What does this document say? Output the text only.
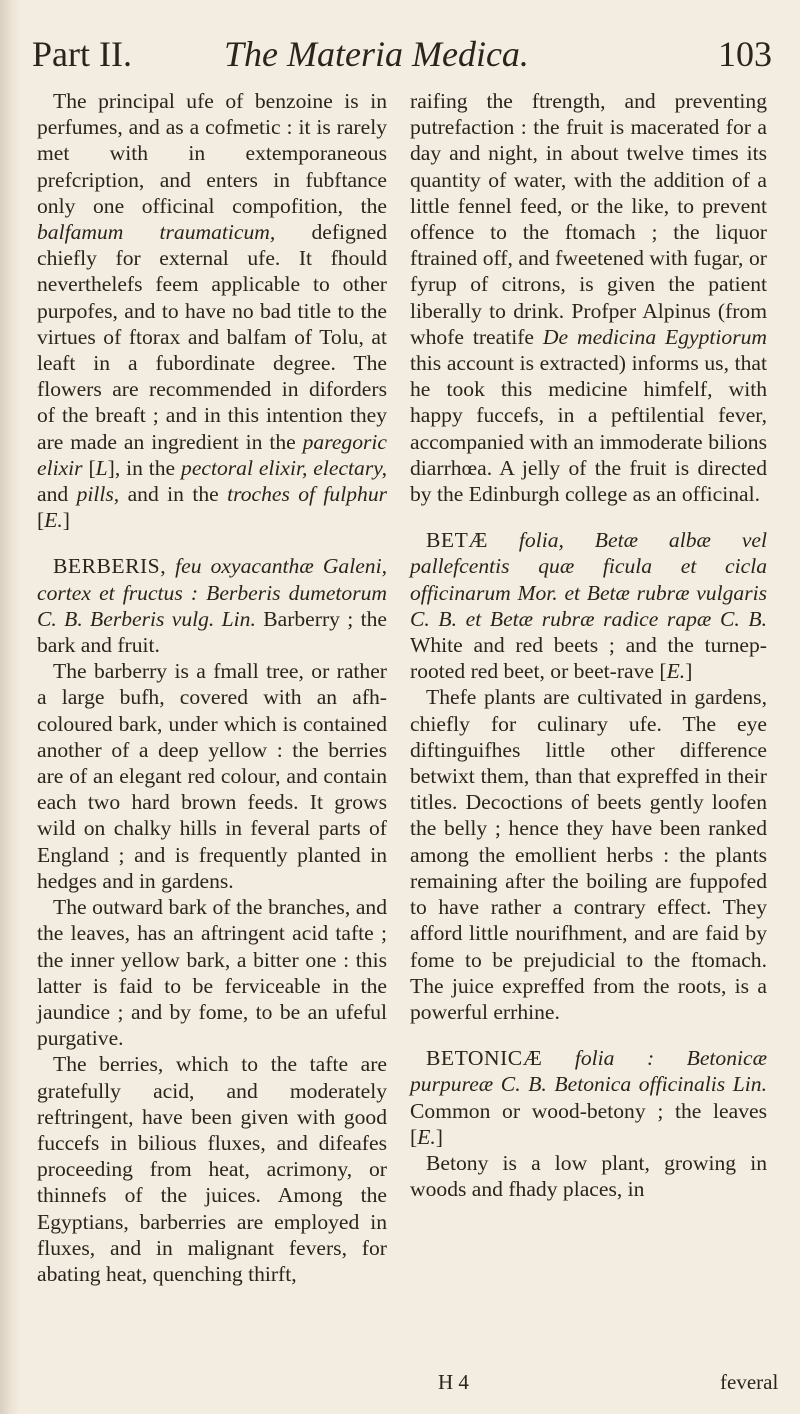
Part II.	The Materia Medica.	103

The principal ufe of benzoine is in perfumes, and as a cofmetic : it is rarely met with in extemporaneous prefcription, and enters in fubftance only one officinal compofition, the balfamum traumaticum, defigned chiefly for external ufe. It fhould neverthelefs feem applicable to other purpofes, and to have no bad title to the virtues of ftorax and balfam of Tolu, at leaft in a fubordinate degree. The flowers are recommended in diforders of the breaft ; and in this intention they are made an ingredient in the paregoric elixir [L], in the pectoral elixir, electary, and pills, and in the troches of fulphur [E.]

BERBERIS, feu oxyacanthæ Galeni, cortex et fructus : Berberis dumetorum C. B. Berberis vulg. Lin. Barberry ; the bark and fruit.

The barberry is a fmall tree, or rather a large bufh, covered with an afh-coloured bark, under which is contained another of a deep yellow : the berries are of an elegant red colour, and contain each two hard brown feeds. It grows wild on chalky hills in feveral parts of England ; and is frequently planted in hedges and in gardens.

The outward bark of the branches, and the leaves, has an aftringent acid tafte ; the inner yellow bark, a bitter one : this latter is faid to be ferviceable in the jaundice ; and by fome, to be an ufeful purgative.

The berries, which to the tafte are gratefully acid, and moderately reftringent, have been given with good fuccefs in bilious fluxes, and difeafes proceeding from heat, acrimony, or thinnefs of the juices. Among the Egyptians, barberries are employed in fluxes, and in malignant fevers, for abating heat, quenching thirft,

raifing the ftrength, and preventing putrefaction : the fruit is macerated for a day and night, in about twelve times its quantity of water, with the addition of a little fennel feed, or the like, to prevent offence to the ftomach ; the liquor ftrained off, and fweetened with fugar, or fyrup of citrons, is given the patient liberally to drink. Profper Alpinus (from whofe treatife De medicina Egyptiorum this account is extracted) informs us, that he took this medicine himfelf, with happy fuccefs, in a peftilential fever, accompanied with an immoderate bilions diarrhœa. A jelly of the fruit is directed by the Edinburgh college as an officinal.

BETÆ folia, Betæ albæ vel pallefcentis quæ ficula et cicla officinarum Mor. et Betæ rubræ vulgaris C. B. et Betæ rubræ radice rapæ C. B. White and red beets ; and the turnep-rooted red beet, or beet-rave [E.]

Thefe plants are cultivated in gardens, chiefly for culinary ufe. The eye diftinguifhes little other difference betwixt them, than that expreffed in their titles. Decoctions of beets gently loofen the belly ; hence they have been ranked among the emollient herbs : the plants remaining after the boiling are fuppofed to have rather a contrary effect. They afford little nourifhment, and are faid by fome to be prejudicial to the ftomach. The juice expreffed from the roots, is a powerful errhine.

BETONICÆ folia : Betonicæ purpureæ C. B. Betonica officinalis Lin. Common or wood-betony ; the leaves [E.]

Betony is a low plant, growing in woods and fhady places, in

H 4	feveral
